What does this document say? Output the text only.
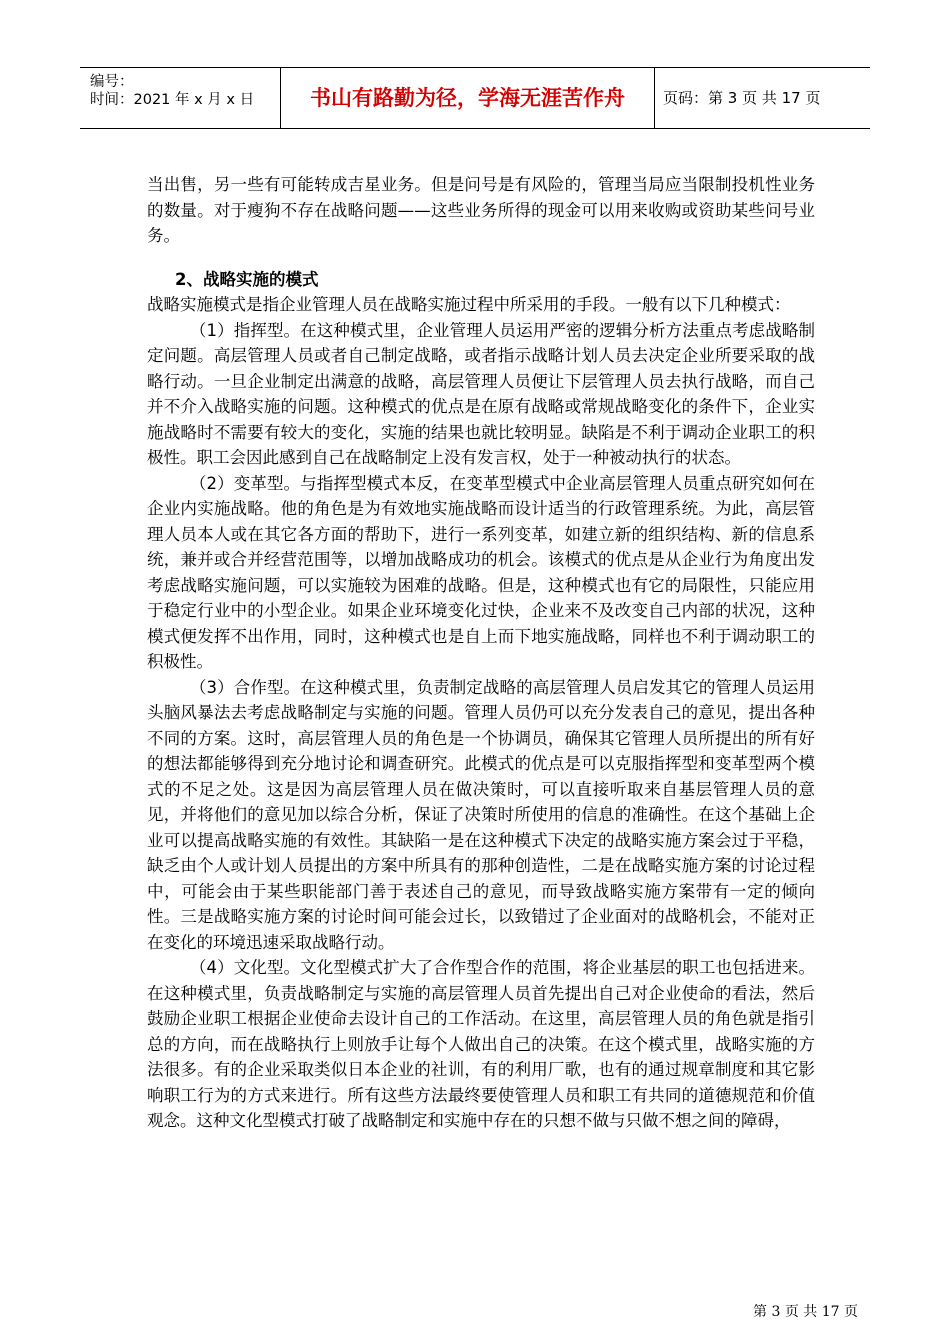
编号：
时间：2021 年 x 月 x 日	书山有路勤为径，学海无涯苦作舟	页码：第 3 页 共 17 页

当出售，另一些有可能转成吉星业务。但是问号是有风险的，管理当局应当限制投机性业务的数量。对于瘦狗不存在战略问题——这些业务所得的现金可以用来收购或资助某些问号业务。

2、战略实施的模式

战略实施模式是指企业管理人员在战略实施过程中所采用的手段。一般有以下几种模式：

（1）指挥型。在这种模式里，企业管理人员运用严密的逻辑分析方法重点考虑战略制定问题。高层管理人员或者自己制定战略，或者指示战略计划人员去决定企业所要采取的战略行动。一旦企业制定出满意的战略，高层管理人员便让下层管理人员去执行战略，而自己并不介入战略实施的问题。这种模式的优点是在原有战略或常规战略变化的条件下，企业实施战略时不需要有较大的变化，实施的结果也就比较明显。缺陷是不利于调动企业职工的积极性。职工会因此感到自己在战略制定上没有发言权，处于一种被动执行的状态。

（2）变革型。与指挥型模式本反，在变革型模式中企业高层管理人员重点研究如何在企业内实施战略。他的角色是为有效地实施战略而设计适当的行政管理系统。为此，高层管理人员本人或在其它各方面的帮助下，进行一系列变革，如建立新的组织结构、新的信息系统，兼并或合并经营范围等，以增加战略成功的机会。该模式的优点是从企业行为角度出发考虑战略实施问题，可以实施较为困难的战略。但是，这种模式也有它的局限性，只能应用于稳定行业中的小型企业。如果企业环境变化过快，企业来不及改变自己内部的状况，这种模式便发挥不出作用，同时，这种模式也是自上而下地实施战略，同样也不利于调动职工的积极性。

（3）合作型。在这种模式里，负责制定战略的高层管理人员启发其它的管理人员运用头脑风暴法去考虑战略制定与实施的问题。管理人员仍可以充分发表自己的意见，提出各种不同的方案。这时，高层管理人员的角色是一个协调员，确保其它管理人员所提出的所有好的想法都能够得到充分地讨论和调查研究。此模式的优点是可以克服指挥型和变革型两个模式的不足之处。这是因为高层管理人员在做决策时，可以直接听取来自基层管理人员的意见，并将他们的意见加以综合分析，保证了决策时所使用的信息的准确性。在这个基础上企业可以提高战略实施的有效性。其缺陷一是在这种模式下决定的战略实施方案会过于平稳，缺乏由个人或计划人员提出的方案中所具有的那种创造性，二是在战略实施方案的讨论过程中，可能会由于某些职能部门善于表述自己的意见，而导致战略实施方案带有一定的倾向性。三是战略实施方案的讨论时间可能会过长，以致错过了企业面对的战略机会，不能对正在变化的环境迅速采取战略行动。

（4）文化型。文化型模式扩大了合作型合作的范围，将企业基层的职工也包括进来。在这种模式里，负责战略制定与实施的高层管理人员首先提出自己对企业使命的看法，然后鼓励企业职工根据企业使命去设计自己的工作活动。在这里，高层管理人员的角色就是指引总的方向，而在战略执行上则放手让每个人做出自己的决策。在这个模式里，战略实施的方法很多。有的企业采取类似日本企业的社训，有的利用厂歌，也有的通过规章制度和其它影响职工行为的方式来进行。所有这些方法最终要使管理人员和职工有共同的道德规范和价值观念。这种文化型模式打破了战略制定和实施中存在的只想不做与只做不想之间的障碍，

第 3 页 共 17 页
